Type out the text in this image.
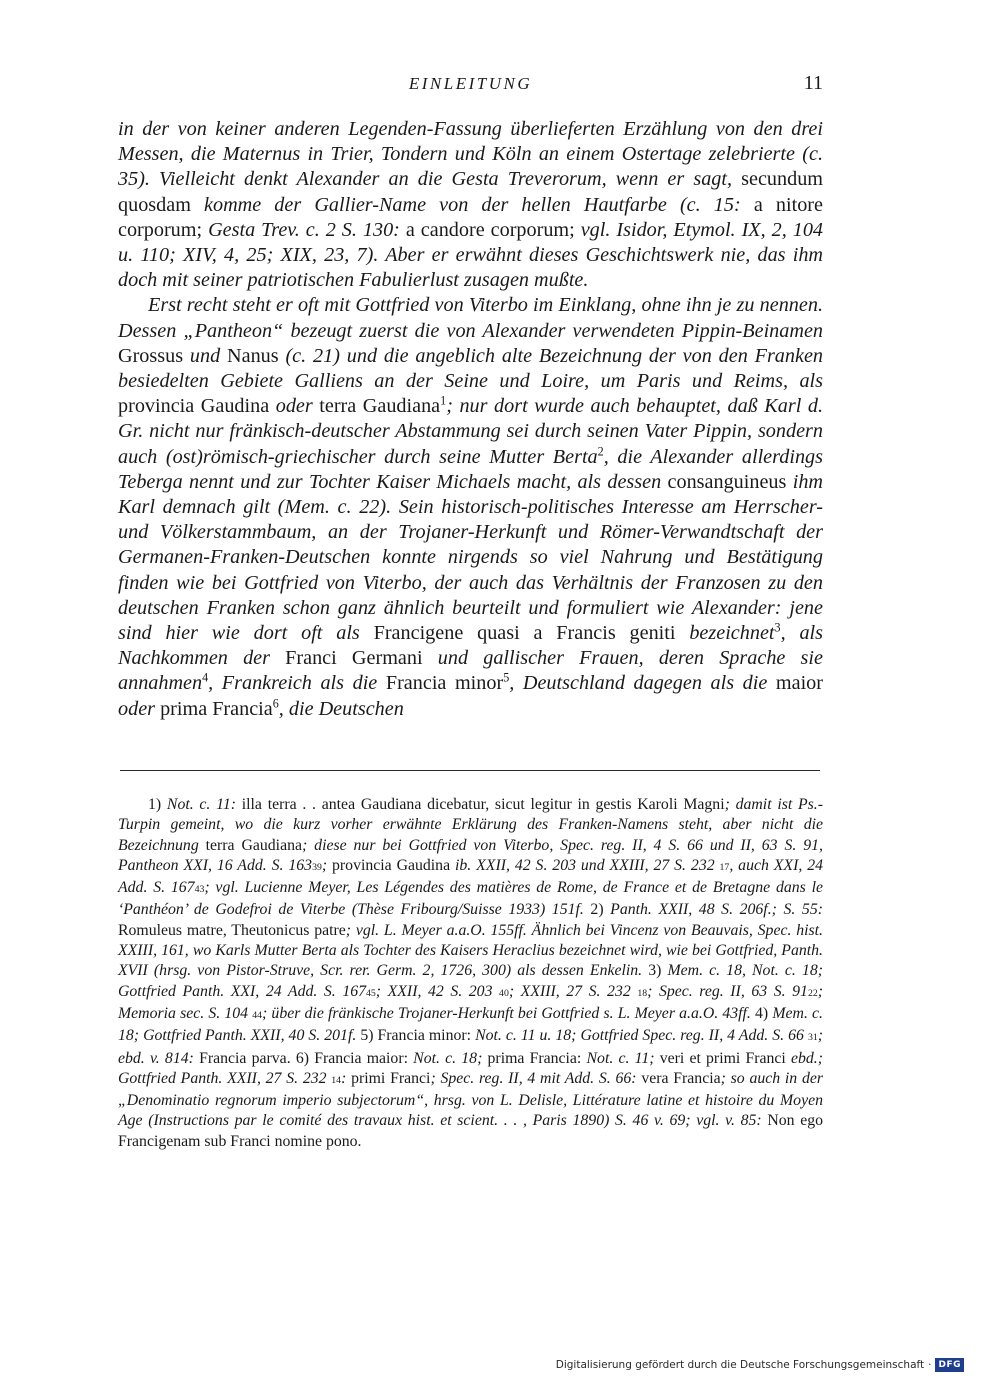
EINLEITUNG	11

in der von keiner anderen Legenden-Fassung überlieferten Erzählung von den drei Messen, die Maternus in Trier, Tondern und Köln an einem Ostertage zelebrierte (c. 35). Vielleicht denkt Alexander an die Gesta Treverorum, wenn er sagt, secundum quosdam komme der Gallier-Name von der hellen Hautfarbe (c. 15: a nitore corporum; Gesta Trev. c. 2 S. 130: a candore corporum; vgl. Isidor, Etymol. IX, 2, 104 u. 110; XIV, 4, 25; XIX, 23, 7). Aber er erwähnt dieses Geschichtswerk nie, das ihm doch mit seiner patriotischen Fabulierlust zusagen mußte.

Erst recht steht er oft mit Gottfried von Viterbo im Einklang, ohne ihn je zu nennen. Dessen „Pantheon“ bezeugt zuerst die von Alexander verwendeten Pippin-Beinamen Grossus und Nanus (c. 21) und die angeblich alte Bezeichnung der von den Franken besiedelten Gebiete Galliens an der Seine und Loire, um Paris und Reims, als provincia Gaudina oder terra Gaudiana$^1$; nur dort wurde auch behauptet, daß Karl d. Gr. nicht nur fränkisch-deutscher Abstammung sei durch seinen Vater Pippin, sondern auch (ost)römisch-griechischer durch seine Mutter Berta$^2$, die Alexander allerdings Teberga nennt und zur Tochter Kaiser Michaels macht, als dessen consanguineus ihm Karl demnach gilt (Mem. c. 22). Sein historisch-politisches Interesse am Herrscher- und Völkerstammbaum, an der Trojaner-Herkunft und Römer-Verwandtschaft der Germanen-Franken-Deutschen konnte nirgends so viel Nahrung und Bestätigung finden wie bei Gottfried von Viterbo, der auch das Verhältnis der Franzosen zu den deutschen Franken schon ganz ähnlich beurteilt und formuliert wie Alexander: jene sind hier wie dort oft als Francigene quasi a Francis geniti bezeichnet$^3$, als Nachkommen der Franci Germani und gallischer Frauen, deren Sprache sie annahmen$^4$, Frankreich als die Francia minor$^5$, Deutschland dagegen als die maior oder prima Francia$^6$, die Deutschen

1) Not. c. 11: illa terra . . antea Gaudiana dicebatur, sicut legitur in gestis Karoli Magni; damit ist Ps.-Turpin gemeint, wo die kurz vorher erwähnte Erklärung des Franken-Namens steht, aber nicht die Bezeichnung terra Gaudiana; diese nur bei Gottfried von Viterbo, Spec. reg. II, 4 S. 66 und II, 63 S. 91, Pantheon XXI, 16 Add. S. 16339; provincia Gaudina ib. XXII, 42 S. 203 und XXIII, 27 S. 232 17, auch XXI, 24 Add. S. 16743; vgl. Lucienne Meyer, Les Légendes des matières de Rome, de France et de Bretagne dans le ‘Panthéon’ de Godefroi de Viterbe (Thèse Fribourg/Suisse 1933) 151f. 2) Panth. XXII, 48 S. 206f.; S. 55: Romuleus matre, Theutonicus patre; vgl. L. Meyer a.a.O. 155ff. Ähnlich bei Vincenz von Beauvais, Spec. hist. XXIII, 161, wo Karls Mutter Berta als Tochter des Kaisers Heraclius bezeichnet wird, wie bei Gottfried, Panth. XVII (hrsg. von Pistor-Struve, Scr. rer. Germ. 2, 1726, 300) als dessen Enkelin. 3) Mem. c. 18, Not. c. 18; Gottfried Panth. XXI, 24 Add. S. 16745; XXII, 42 S. 203 40; XXIII, 27 S. 232 18; Spec. reg. II, 63 S. 9122; Memoria sec. S. 104 44; über die fränkische Trojaner-Herkunft bei Gottfried s. L. Meyer a.a.O. 43ff. 4) Mem. c. 18; Gottfried Panth. XXII, 40 S. 201f. 5) Francia minor: Not. c. 11 u. 18; Gottfried Spec. reg. II, 4 Add. S. 66 31; ebd. v. 814: Francia parva. 6) Francia maior: Not. c. 18; prima Francia: Not. c. 11; veri et primi Franci ebd.; Gottfried Panth. XXII, 27 S. 232 14: primi Franci; Spec. reg. II, 4 mit Add. S. 66: vera Francia; so auch in der „Denominatio regnorum imperio subjectorum“, hrsg. von L. Delisle, Littérature latine et histoire du Moyen Age (Instructions par le comité des travaux hist. et scient. . . , Paris 1890) S. 46 v. 69; vgl. v. 85: Non ego Francigenam sub Franci nomine pono.

Digitalisierung gefördert durch die Deutsche Forschungsgemeinschaft · DFG
